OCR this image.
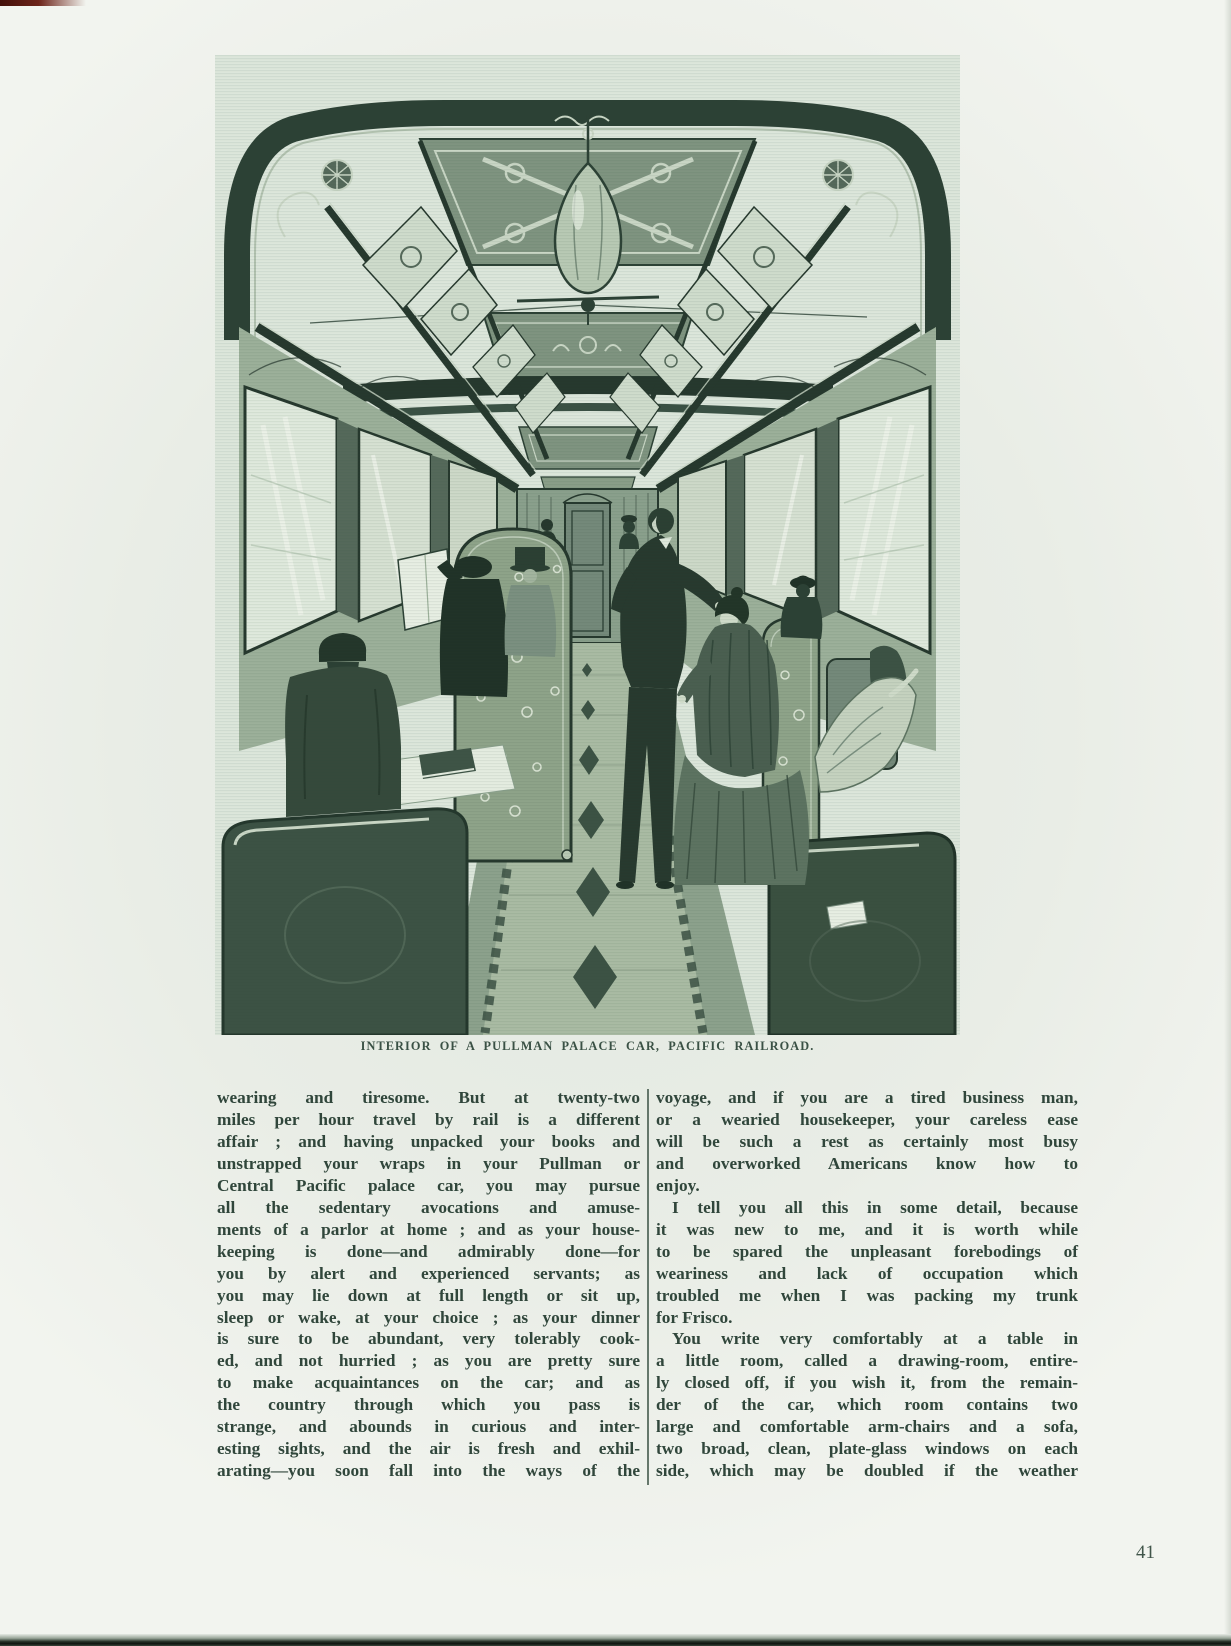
INTERIOR OF A PULLMAN PALACE CAR, PACIFIC RAILROAD.
wearing and tiresome. But at twenty-two
miles per hour travel by rail is a different
affair ; and having unpacked your books and
unstrapped your wraps in your Pullman or
Central Pacific palace car, you may pursue
all the sedentary avocations and amuse-
ments of a parlor at home ; and as your house-
keeping is done—and admirably done—for
you by alert and experienced servants; as
you may lie down at full length or sit up,
sleep or wake, at your choice ; as your dinner
is sure to be abundant, very tolerably cook-
ed, and not hurried ; as you are pretty sure
to make acquaintances on the car; and as
the country through which you pass is
strange, and abounds in curious and inter-
esting sights, and the air is fresh and exhil-
arating—you soon fall into the ways of the
voyage, and if you are a tired business man,
or a wearied housekeeper, your careless ease
will be such a rest as certainly most busy
and overworked Americans know how to
enjoy.
I tell you all this in some detail, because
it was new to me, and it is worth while
to be spared the unpleasant forebodings of
weariness and lack of occupation which
troubled me when I was packing my trunk
for Frisco.
You write very comfortably at a table in
a little room, called a drawing-room, entire-
ly closed off, if you wish it, from the remain-
der of the car, which room contains two
large and comfortable arm-chairs and a sofa,
two broad, clean, plate-glass windows on each
side, which may be doubled if the weather
41
